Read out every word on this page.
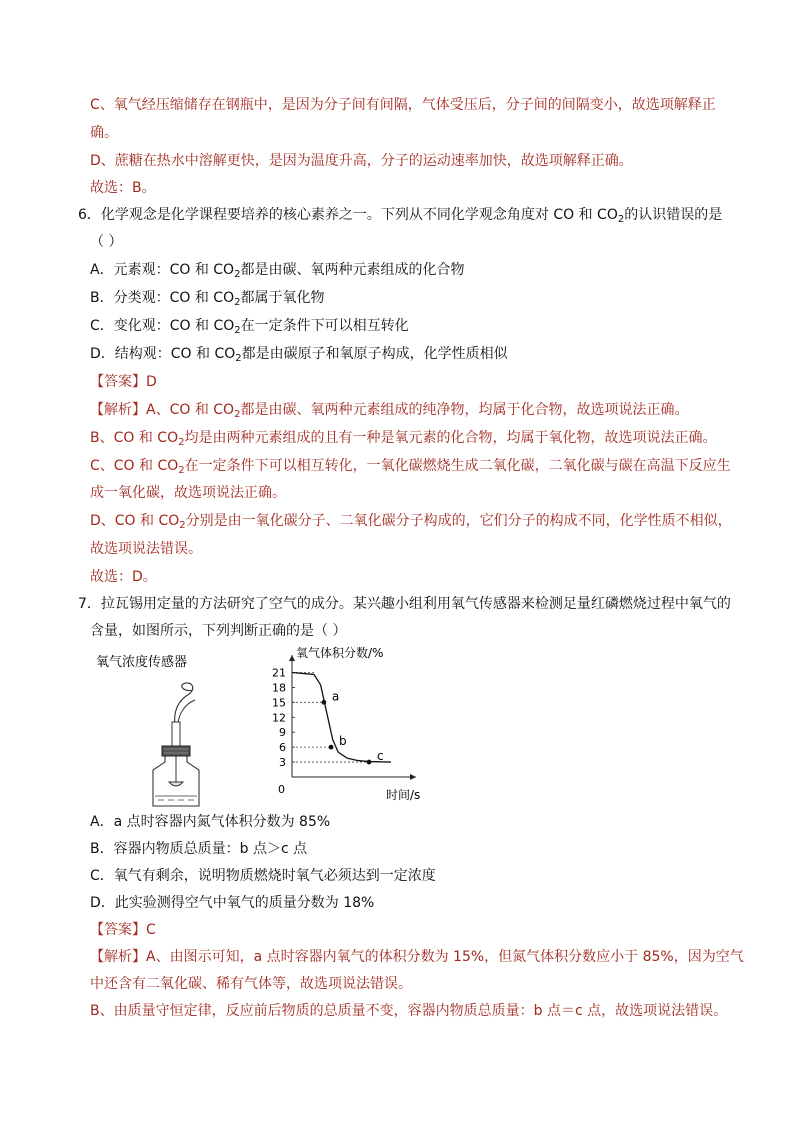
C、氧气经压缩储存在钢瓶中，是因为分子间有间隔，气体受压后，分子间的间隔变小，故选项解释正
确。
D、蔗糖在热水中溶解更快，是因为温度升高，分子的运动速率加快，故选项解释正确。
故选：B。
6．化学观念是化学课程要培养的核心素养之一。下列从不同化学观念角度对 CO 和 $CO_2$的认识错误的是
（ ）
A．元素观：CO 和 $CO_2$都是由碳、氧两种元素组成的化合物
B．分类观：CO 和 $CO_2$都属于氧化物
C．变化观：CO 和 $CO_2$在一定条件下可以相互转化
D．结构观：CO 和 $CO_2$都是由碳原子和氧原子构成，化学性质相似
【答案】D
【解析】A、CO 和 $CO_2$都是由碳、氧两种元素组成的纯净物，均属于化合物，故选项说法正确。
B、CO 和 $CO_2$均是由两种元素组成的且有一种是氧元素的化合物，均属于氧化物，故选项说法正确。
C、CO 和 $CO_2$在一定条件下可以相互转化，一氧化碳燃烧生成二氧化碳，二氧化碳与碳在高温下反应生
成一氧化碳，故选项说法正确。
D、CO 和 $CO_2$分别是由一氧化碳分子、二氧化碳分子构成的，它们分子的构成不同，化学性质不相似，
故选项说法错误。
故选：D。
7．拉瓦锡用定量的方法研究了空气的成分。某兴趣小组利用氧气传感器来检测足量红磷燃烧过程中氧气的
含量，如图所示，下列判断正确的是（ ）
氧气浓度传感器
氧气体积分数/%
时间/s
0
21
18
15
12
9
6
3
a
b
c
A．a 点时容器内氮气体积分数为 85%
B．容器内物质总质量：b 点＞c 点
C．氧气有剩余，说明物质燃烧时氧气必须达到一定浓度
D．此实验测得空气中氧气的质量分数为 18%
【答案】C
【解析】A、由图示可知，a 点时容器内氧气的体积分数为 15%，但氮气体积分数应小于 85%，因为空气
中还含有二氧化碳、稀有气体等，故选项说法错误。
B、由质量守恒定律，反应前后物质的总质量不变，容器内物质总质量：b 点＝c 点，故选项说法错误。
